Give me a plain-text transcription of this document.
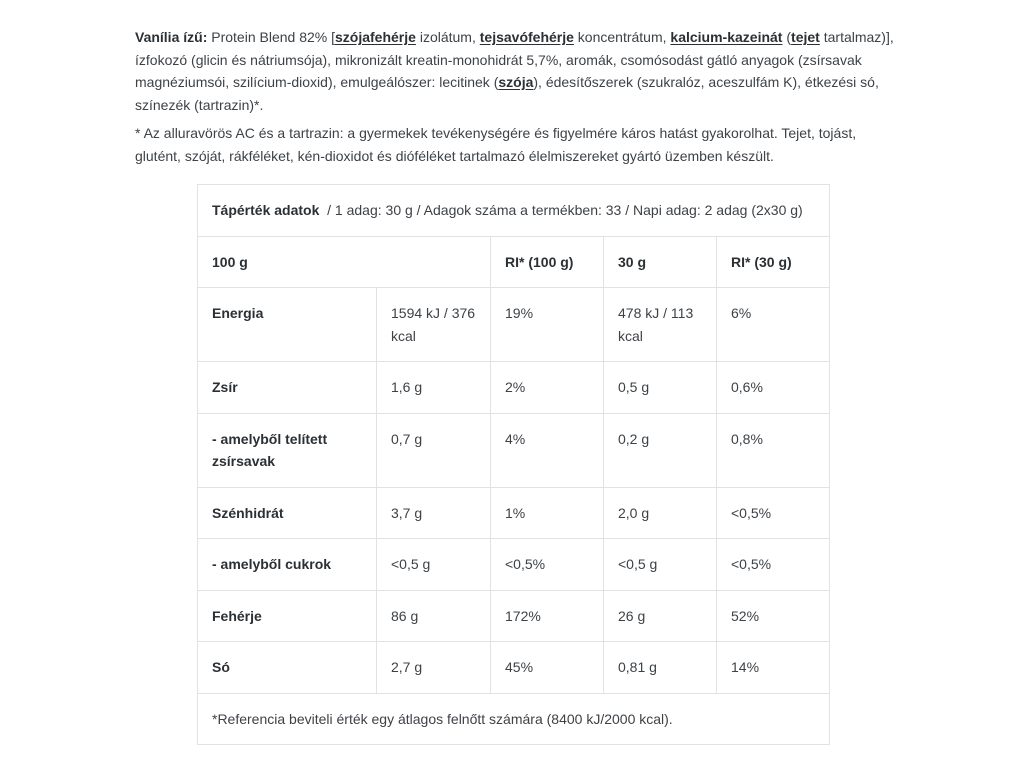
Vanília ízű: Protein Blend 82% [szójafehérje izolátum, tejsavófehérje koncentrátum, kalcium-kazeinát (tejet tartalmaz)], ízfokozó (glicin és nátriumsója), mikronizált kreatin-monohidrát 5,7%, aromák, csomósodást gátló anyagok (zsírsavak magnéziumsói, szilícium-dioxid), emulgeálószer: lecitinek (szója), édesítőszerek (szukralóz, aceszulfám K), étkezési só, színezék (tartrazin)*.

* Az alluravörös AC és a tartrazin: a gyermekek tevékenységére és figyelmére káros hatást gyakorolhat. Tejet, tojást, glutént, szóját, rákféléket, kén-dioxidot és dióféléket tartalmazó élelmiszereket gyártó üzemben készült.

Tápérték adatok / 1 adag: 30 g / Adagok száma a termékben: 33 / Napi adag: 2 adag (2x30 g)				
100 g		RI* (100 g)	30 g	RI* (30 g)
Energia	1594 kJ / 376 kcal	19%	478 kJ / 113 kcal	6%
Zsír	1,6 g	2%	0,5 g	0,6%
- amelyből telített zsírsavak	0,7 g	4%	0,2 g	0,8%
Szénhidrát	3,7 g	1%	2,0 g	<0,5%
- amelyből cukrok	<0,5 g	<0,5%	<0,5 g	<0,5%
Fehérje	86 g	172%	26 g	52%
Só	2,7 g	45%	0,81 g	14%
*Referencia beviteli érték egy átlagos felnőtt számára (8400 kJ/2000 kcal).				
